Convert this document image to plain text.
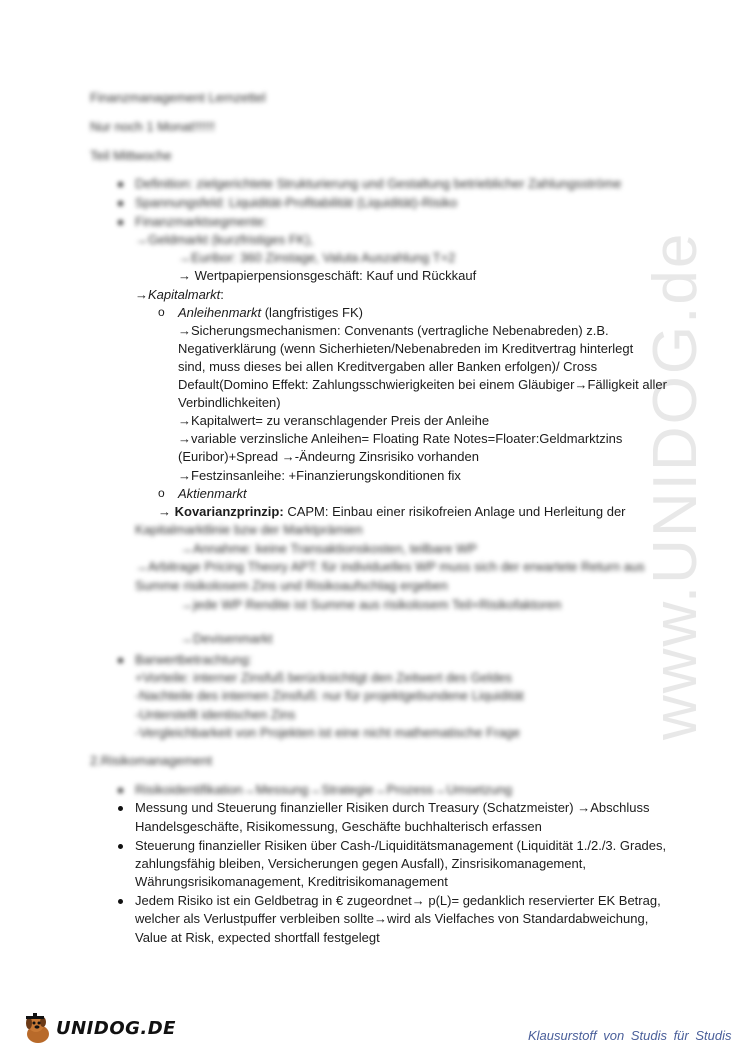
www.UNIDOG.de
Finanzmanagement Lernzettel
Nur noch 1 Monat!!!!!!
Teil Mittwoche
Definition: zielgerichtete Strukturierung und Gestaltung betrieblicher Zahlungsströme
Spannungsfeld: Liquidität-Profitabilität (Liquidität)-Risiko
Finanzmarktsegmente:
→Geldmarkt (kurzfristiges FK),
→Euribor: 360 Zinstage, Valuta Auszahlung T+2
→ Wertpapierpensionsgeschäft: Kauf und Rückkauf
→Kapitalmarkt:
o Anleihenmarkt (langfristiges FK)
→Sicherungsmechanismen: Convenants (vertragliche Nebenabreden) z.B.
Negativerklärung (wenn Sicherhieten/Nebenabreden im Kreditvertrag hinterlegt
sind, muss dieses bei allen Kreditvergaben aller Banken erfolgen)/ Cross
Default(Domino Effekt: Zahlungsschwierigkeiten bei einem Gläubiger→Fälligkeit aller
Verbindlichkeiten)
→Kapitalwert= zu veranschlagender Preis der Anleihe
→variable verzinsliche Anleihen= Floating Rate Notes=Floater:Geldmarktzins
(Euribor)+Spread →-Ändeurng Zinsrisiko vorhanden
→Festzinsanleihe: +Finanzierungskonditionen fix
o Aktienmarkt
→ Kovarianzprinzip: CAPM: Einbau einer risikofreien Anlage und Herleitung der
Kapitalmarktlinie bzw der Marktprämien
→Annahme: keine Transaktionskosten, teilbare WP
→Arbitrage Pricing Theory APT: für individuelles WP muss sich der erwartete Return aus
Summe risikolosem Zins und Risikoaufschlag ergeben
→jede WP Rendite ist Summe aus risikolosem Teil+Risikofaktoren
→Devisenmarkt
Barwertbetrachtung:
+Vorteile: interner Zinsfuß berücksichtigt den Zeitwert des Geldes
-Nachteile des internen Zinsfuß: nur für projektgebundene Liquidität
-Unterstellt identischen Zins
-Vergleichbarkeit von Projekten ist eine nicht mathematische Frage
2.Risikomanagement
Risikoidentifikation→Messung→Strategie→Prozess→Umsetzung
Messung und Steuerung finanzieller Risiken durch Treasury (Schatzmeister) →Abschluss
Handelsgeschäfte, Risikomessung, Geschäfte buchhalterisch erfassen
Steuerung finanzieller Risiken über Cash-/Liquiditätsmanagement (Liquidität 1./2./3. Grades,
zahlungsfähig bleiben, Versicherungen gegen Ausfall), Zinsrisikomanagement,
Währungsrisikomanagement, Kreditrisikomanagement
Jedem Risiko ist ein Geldbetrag in € zugeordnet→ p(L)= gedanklich reservierter EK Betrag,
welcher als Verlustpuffer verbleiben sollte→wird als Vielfaches von Standardabweichung,
Value at Risk, expected shortfall festgelegt
UNIDOG.DE	Klausurstoff von Studis für Studis
